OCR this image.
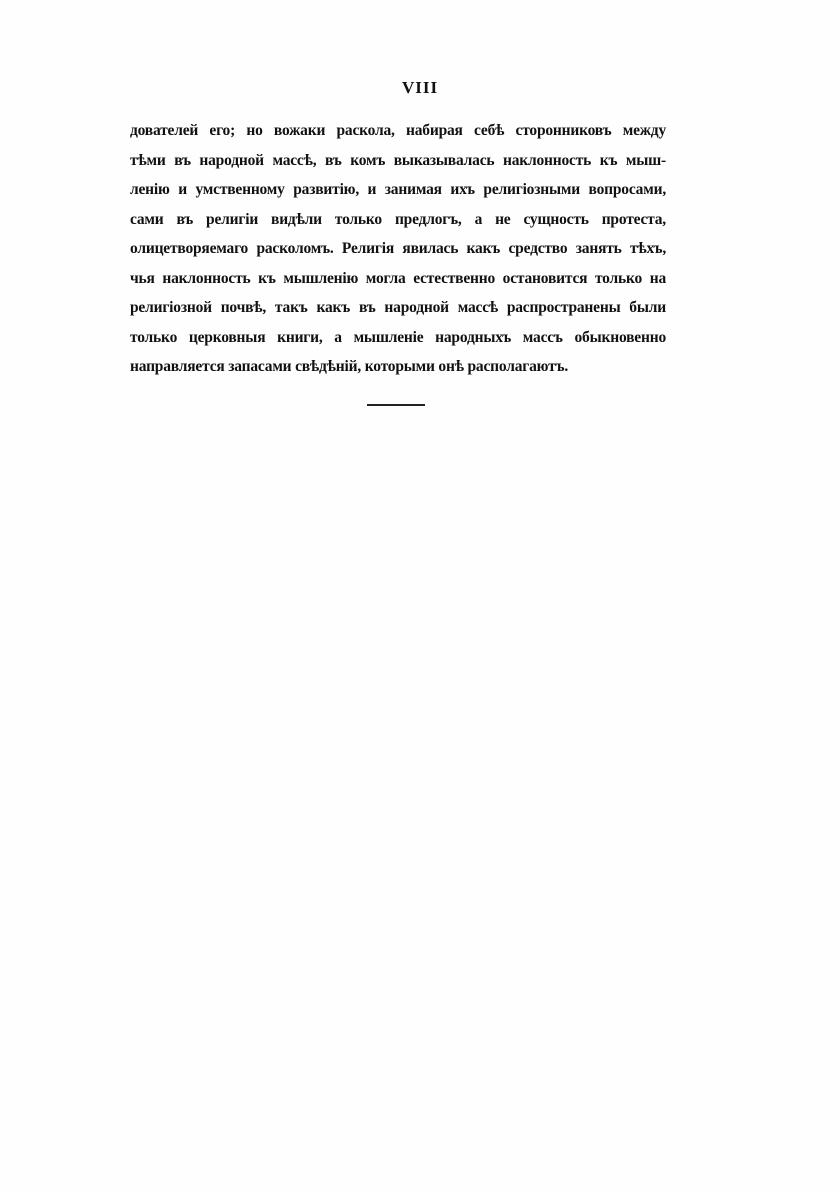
VIII
дователей его; но вожаки раскола, набирая себѣ сторонниковъ между
тѣми въ народной массѣ, въ комъ выказывалась наклонность къ мыш-
ленію и умственному развитію, и занимая ихъ религіозными вопросами,
сами въ религіи видѣли только предлогъ, а не сущность протеста,
олицетворяемаго расколомъ. Религія явилась какъ средство занять тѣхъ,
чья наклонность къ мышленію могла естественно остановится только на
религіозной почвѣ, такъ какъ въ народной массѣ распространены были
только церковныя книги, а мышленіе народныхъ массъ обыкновенно
направляется запасами свѣдѣній, которыми онѣ располагаютъ.
